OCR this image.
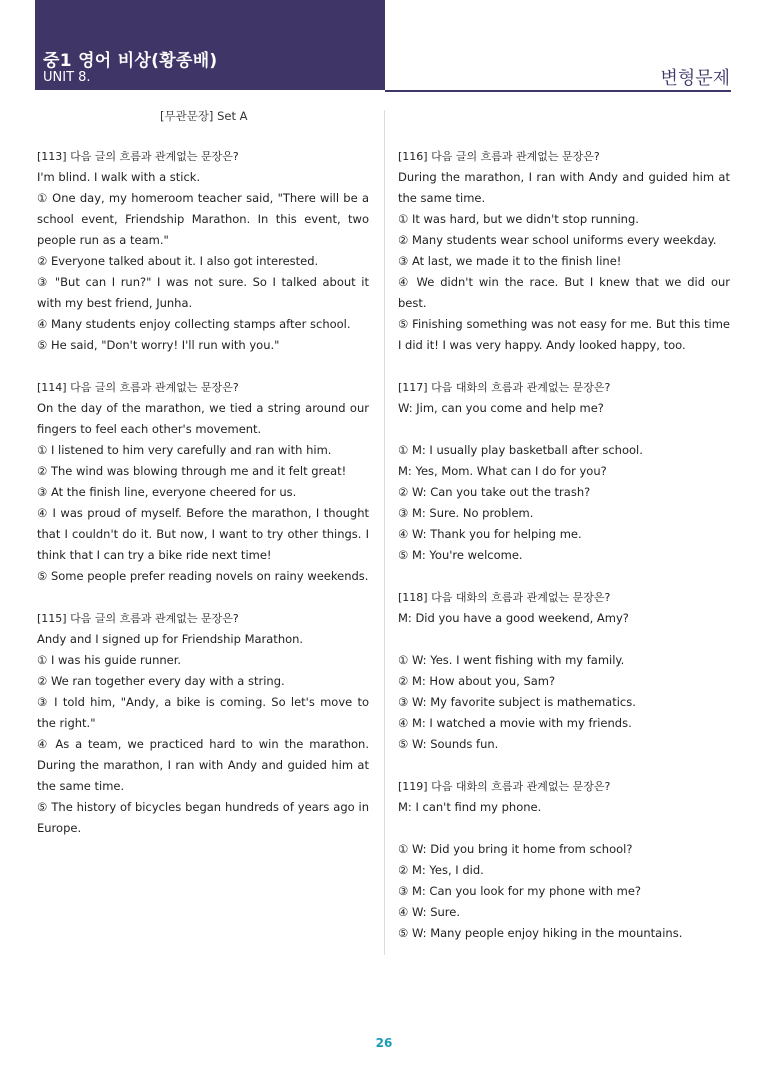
중1 영어 비상(황종배)
UNIT 8.	변형문제
[무관문장] Set A

[113] 다음 글의 흐름과 관계없는 문장은?

I'm blind. I walk with a stick.

① One day, my homeroom teacher said, "There will be a school event, Friendship Marathon. In this event, two people run as a team."

② Everyone talked about it. I also got interested.

③ "But can I run?" I was not sure. So I talked about it with my best friend, Junha.

④ Many students enjoy collecting stamps after school.

⑤ He said, "Don't worry! I'll run with you."

[114] 다음 글의 흐름과 관계없는 문장은?

On the day of the marathon, we tied a string around our fingers to feel each other's movement.

① I listened to him very carefully and ran with him.

② The wind was blowing through me and it felt great!

③ At the finish line, everyone cheered for us.

④ I was proud of myself. Before the marathon, I thought that I couldn't do it. But now, I want to try other things. I think that I can try a bike ride next time!

⑤ Some people prefer reading novels on rainy weekends.

[115] 다음 글의 흐름과 관계없는 문장은?

Andy and I signed up for Friendship Marathon.

① I was his guide runner.

② We ran together every day with a string.

③ I told him, "Andy, a bike is coming. So let's move to the right."

④ As a team, we practiced hard to win the marathon. During the marathon, I ran with Andy and guided him at the same time.

⑤ The history of bicycles began hundreds of years ago in Europe.

[116] 다음 글의 흐름과 관계없는 문장은?

During the marathon, I ran with Andy and guided him at the same time.

① It was hard, but we didn't stop running.

② Many students wear school uniforms every weekday.

③ At last, we made it to the finish line!

④ We didn't win the race. But I knew that we did our best.

⑤ Finishing something was not easy for me. But this time I did it! I was very happy. Andy looked happy, too.

[117] 다음 대화의 흐름과 관계없는 문장은?

W: Jim, can you come and help me?

① M: I usually play basketball after school.

M: Yes, Mom. What can I do for you?

② W: Can you take out the trash?

③ M: Sure. No problem.

④ W: Thank you for helping me.

⑤ M: You're welcome.

[118] 다음 대화의 흐름과 관계없는 문장은?

M: Did you have a good weekend, Amy?

① W: Yes. I went fishing with my family.

② M: How about you, Sam?

③ W: My favorite subject is mathematics.

④ M: I watched a movie with my friends.

⑤ W: Sounds fun.

[119] 다음 대화의 흐름과 관계없는 문장은?

M: I can't find my phone.

① W: Did you bring it home from school?

② M: Yes, I did.

③ M: Can you look for my phone with me?

④ W: Sure.

⑤ W: Many people enjoy hiking in the mountains.

26
